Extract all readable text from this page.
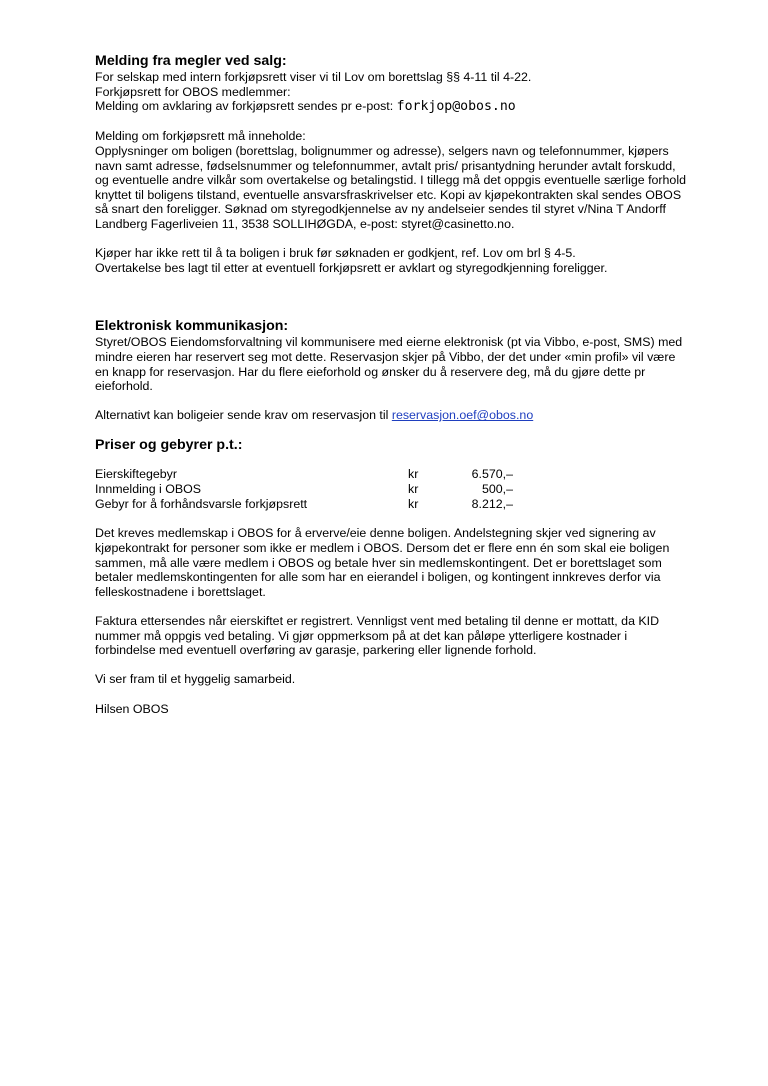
Melding fra megler ved salg:
For selskap med intern forkjøpsrett viser vi til Lov om borettslag §§ 4-11 til 4-22.
Forkjøpsrett for OBOS medlemmer:
Melding om avklaring av forkjøpsrett sendes pr e-post: forkjop@obos.no
Melding om forkjøpsrett må inneholde:
Opplysninger om boligen (borettslag, bolignummer og adresse), selgers navn og telefonnummer, kjøpers
navn samt adresse, fødselsnummer og telefonnummer, avtalt pris/ prisantydning herunder avtalt forskudd,
og eventuelle andre vilkår som overtakelse og betalingstid. I tillegg må det oppgis eventuelle særlige forhold
knyttet til boligens tilstand, eventuelle ansvarsfraskrivelser etc. Kopi av kjøpekontrakten skal sendes OBOS
så snart den foreligger. Søknad om styregodkjennelse av ny andelseier sendes til styret v/Nina T Andorff
Landberg Fagerliveien 11, 3538 SOLLIHØGDA, e-post: styret@casinetto.no.
Kjøper har ikke rett til å ta boligen i bruk før søknaden er godkjent, ref. Lov om brl § 4-5.
Overtakelse bes lagt til etter at eventuell forkjøpsrett er avklart og styregodkjenning foreligger.
Elektronisk kommunikasjon:
Styret/OBOS Eiendomsforvaltning vil kommunisere med eierne elektronisk (pt via Vibbo, e-post, SMS) med
mindre eieren har reservert seg mot dette. Reservasjon skjer på Vibbo, der det under «min profil» vil være
en knapp for reservasjon. Har du flere eieforhold og ønsker du å reservere deg, må du gjøre dette pr
eieforhold.
Alternativt kan boligeier sende krav om reservasjon til reservasjon.oef@obos.no
Priser og gebyrer p.t.:
Eierskiftegebyr	kr	6.570,–
Innmelding i OBOS	kr	500,–
Gebyr for å forhåndsvarsle forkjøpsrett	kr	8.212,–
Det kreves medlemskap i OBOS for å erverve/eie denne boligen. Andelstegning skjer ved signering av
kjøpekontrakt for personer som ikke er medlem i OBOS. Dersom det er flere enn én som skal eie boligen
sammen, må alle være medlem i OBOS og betale hver sin medlemskontingent. Det er borettslaget som
betaler medlemskontingenten for alle som har en eierandel i boligen, og kontingent innkreves derfor via
felleskostnadene i borettslaget.
Faktura ettersendes når eierskiftet er registrert. Vennligst vent med betaling til denne er mottatt, da KID
nummer må oppgis ved betaling. Vi gjør oppmerksom på at det kan påløpe ytterligere kostnader i
forbindelse med eventuell overføring av garasje, parkering eller lignende forhold.
Vi ser fram til et hyggelig samarbeid.
Hilsen OBOS
